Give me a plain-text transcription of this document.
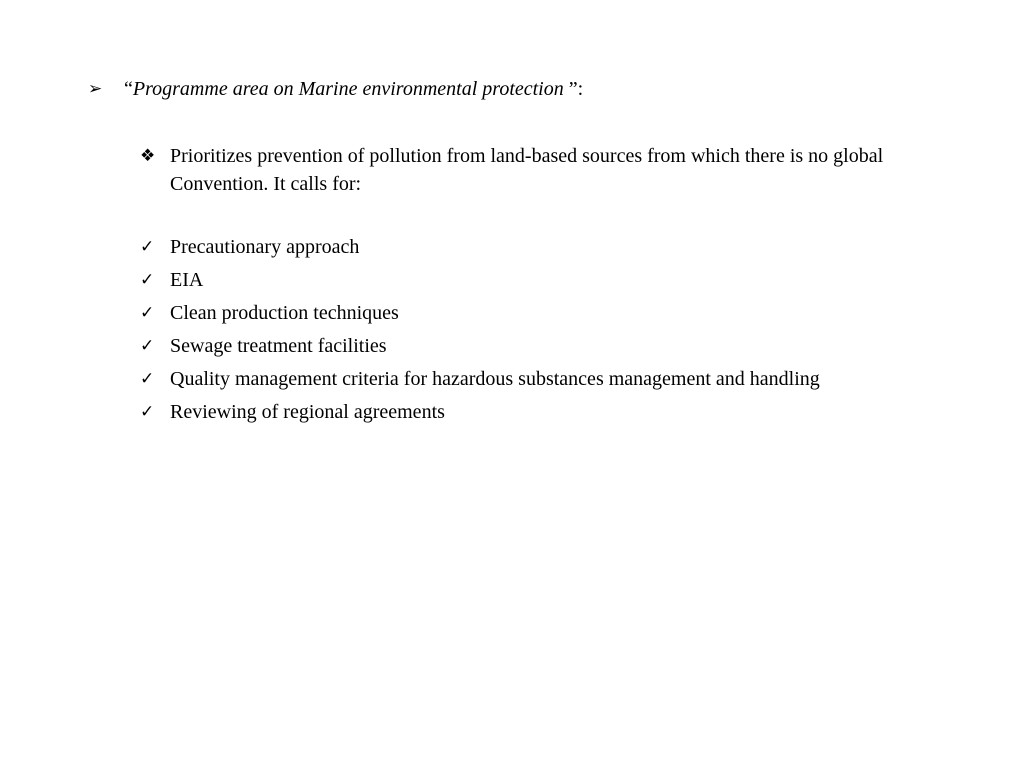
➢ “Programme area on Marine environmental protection ”:
❖ Prioritizes prevention of pollution from land-based sources from which there is no global Convention. It calls for:
✓ Precautionary approach
✓ EIA
✓ Clean production techniques
✓ Sewage treatment facilities
✓ Quality management criteria for hazardous substances management and handling
✓ Reviewing of regional agreements
